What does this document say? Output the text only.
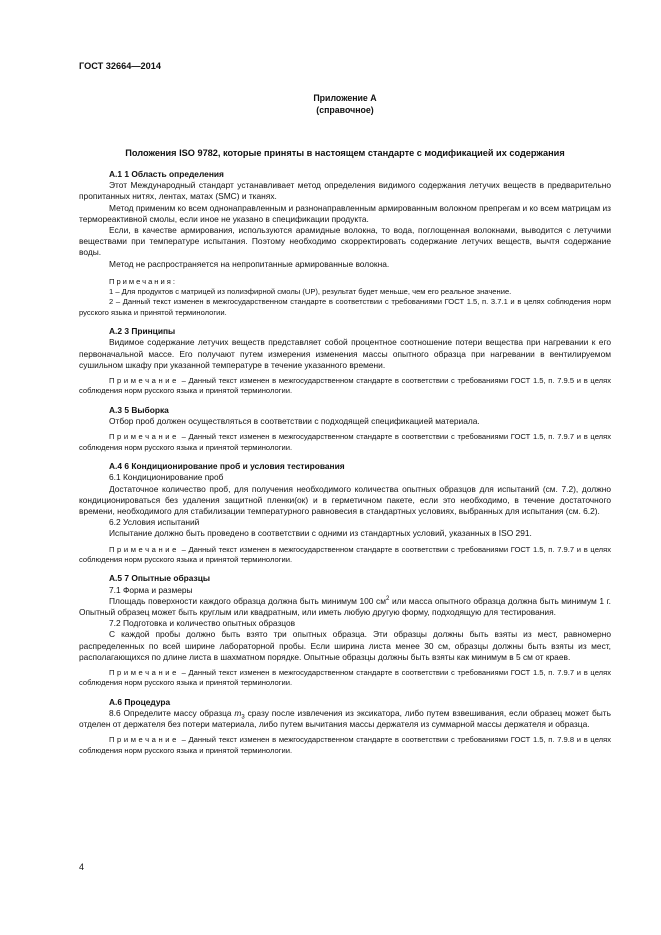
ГОСТ 32664—2014
Приложение А
(справочное)
Положения ISO 9782, которые приняты в настоящем стандарте с модификацией их содержания
А.1 1 Область определения

Этот Международный стандарт устанавливает метод определения видимого содержания летучих веществ в предварительно пропитанных нитях, лентах, матах (SMC) и тканях.

Метод применим ко всем однонаправленным и разнонаправленным армированным волокном препрегам и ко всем матрицам из термореактивной смолы, если иное не указано в спецификации продукта.

Если, в качестве армирования, используются арамидные волокна, то вода, поглощенная волокнами, выводится с летучими веществами при температуре испытания. Поэтому необходимо скорректировать содержание летучих веществ, вычтя содержание воды.

Метод не распространяется на непропитанные армированные волокна.

Примечания:

1 – Для продуктов с матрицей из полиэфирной смолы (UP), результат будет меньше, чем его реальное значение.

2 – Данный текст изменен в межгосударственном стандарте в соответствии с требованиями ГОСТ 1.5, п. 3.7.1 и в целях соблюдения норм русского языка и принятой терминологии.

А.2 3 Принципы

Видимое содержание летучих веществ представляет собой процентное соотношение потери вещества при нагревании к его первоначальной массе. Его получают путем измерения изменения массы опытного образца при нагревании в вентилируемом сушильном шкафу при указанной температуре в течение указанного времени.

Примечание – Данный текст изменен в межгосударственном стандарте в соответствии с требованиями ГОСТ 1.5, п. 7.9.5 и в целях соблюдения норм русского языка и принятой терминологии.

А.3 5 Выборка

Отбор проб должен осуществляться в соответствии с подходящей спецификацией материала.

Примечание – Данный текст изменен в межгосударственном стандарте в соответствии с требованиями ГОСТ 1.5, п. 7.9.7 и в целях соблюдения норм русского языка и принятой терминологии.

А.4 6 Кондиционирование проб и условия тестирования
6.1 Кондиционирование проб

Достаточное количество проб, для получения необходимого количества опытных образцов для испытаний (см. 7.2), должно кондиционироваться без удаления защитной пленки(ок) и в герметичном пакете, если это необходимо, в течение достаточного времени, необходимого для стабилизации температурного равновесия в стандартных условиях, выбранных для испытания (см. 6.2).

6.2 Условия испытаний

Испытание должно быть проведено в соответствии с одними из стандартных условий, указанных в ISO 291.

Примечание – Данный текст изменен в межгосударственном стандарте в соответствии с требованиями ГОСТ 1.5, п. 7.9.7 и в целях соблюдения норм русского языка и принятой терминологии.

А.5 7 Опытные образцы
7.1 Форма и размеры

Площадь поверхности каждого образца должна быть минимум 100 $см^2$ или масса опытного образца должна быть минимум 1 г. Опытный образец может быть круглым или квадратным, или иметь любую другую форму, подходящую для тестирования.

7.2 Подготовка и количество опытных образцов

С каждой пробы должно быть взято три опытных образца. Эти образцы должны быть взяты из мест, равномерно распределенных по всей ширине лабораторной пробы. Если ширина листа менее 30 см, образцы должны быть взяты из мест, располагающихся по длине листа в шахматном порядке. Опытные образцы должны быть взяты как минимум в 5 см от краев.

Примечание – Данный текст изменен в межгосударственном стандарте в соответствии с требованиями ГОСТ 1.5, п. 7.9.7 и в целях соблюдения норм русского языка и принятой терминологии.

А.6 Процедура

8.6 Определите массу образца $m_3$ сразу после извлечения из эксикатора, либо путем взвешивания, если образец может быть отделен от держателя без потери материала, либо путем вычитания массы держателя из суммарной массы держателя и образца.

Примечание – Данный текст изменен в межгосударственном стандарте в соответствии с требованиями ГОСТ 1.5, п. 7.9.8 и в целях соблюдения норм русского языка и принятой терминологии.

4
